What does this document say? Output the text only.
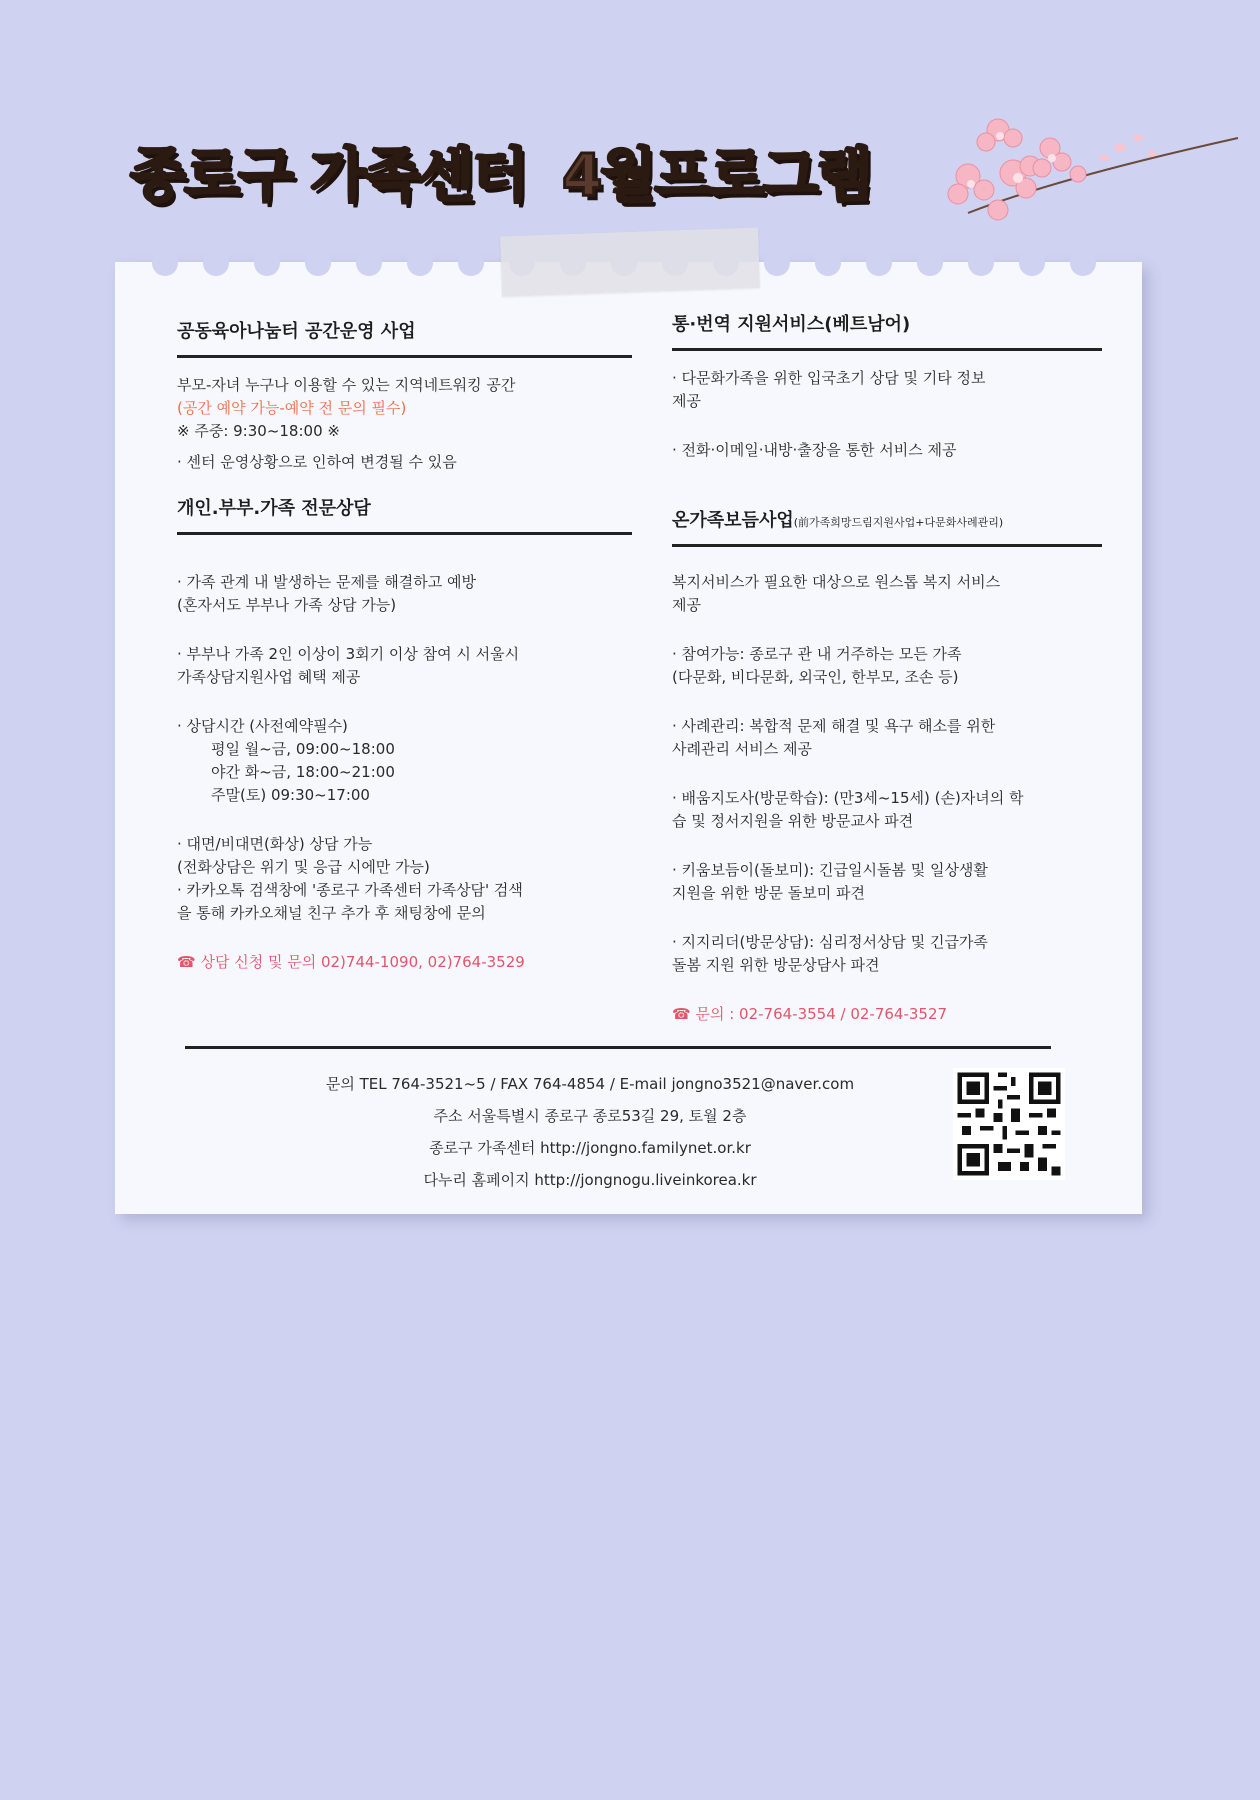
종로구 가족센터 4월프로그램
공동육아나눔터 공간운영 사업

부모-자녀 누구나 이용할 수 있는 지역네트워킹 공간

(공간 예약 가능-예약 전 문의 필수)

※ 주중: 9:30~18:00 ※

· 센터 운영상황으로 인하여 변경될 수 있음

개인.부부.가족 전문상담

· 가족 관계 내 발생하는 문제를 해결하고 예방
(혼자서도 부부나 가족 상담 가능)

· 부부나 가족 2인 이상이 3회기 이상 참여 시 서울시
가족상담지원사업 혜택 제공

· 상담시간 (사전예약필수)

평일 월~금, 09:00~18:00

야간 화~금, 18:00~21:00

주말(토) 09:30~17:00

· 대면/비대면(화상) 상담 가능
(전화상담은 위기 및 응급 시에만 가능)

· 카카오톡 검색창에 '종로구 가족센터 가족상담' 검색
을 통해 카카오채널 친구 추가 후 채팅창에 문의

☎ 상담 신청 및 문의 02)744-1090, 02)764-3529

통·번역 지원서비스(베트남어)

· 다문화가족을 위한 입국초기 상담 및 기타 정보
제공

· 전화·이메일·내방·출장을 통한 서비스 제공

온가족보듬사업(前가족희망드림지원사업+다문화사례관리)

복지서비스가 필요한 대상으로 원스톱 복지 서비스
제공

· 참여가능: 종로구 관 내 거주하는 모든 가족
(다문화, 비다문화, 외국인, 한부모, 조손 등)

· 사례관리: 복합적 문제 해결 및 욕구 해소를 위한
사례관리 서비스 제공

· 배움지도사(방문학습): (만3세~15세) (손)자녀의 학
습 및 정서지원을 위한 방문교사 파견

· 키움보듬이(돌보미): 긴급일시돌봄 및 일상생활
지원을 위한 방문 돌보미 파견

· 지지리더(방문상담): 심리정서상담 및 긴급가족
돌봄 지원 위한 방문상담사 파견

☎ 문의 : 02-764-3554 / 02-764-3527

문의 TEL 764-3521~5 / FAX 764-4854 / E-mail jongno3521@naver.com
주소 서울특별시 종로구 종로53길 29, 토월 2층
종로구 가족센터 http://jongno.familynet.or.kr
다누리 홈페이지 http://jongnogu.liveinkorea.kr
